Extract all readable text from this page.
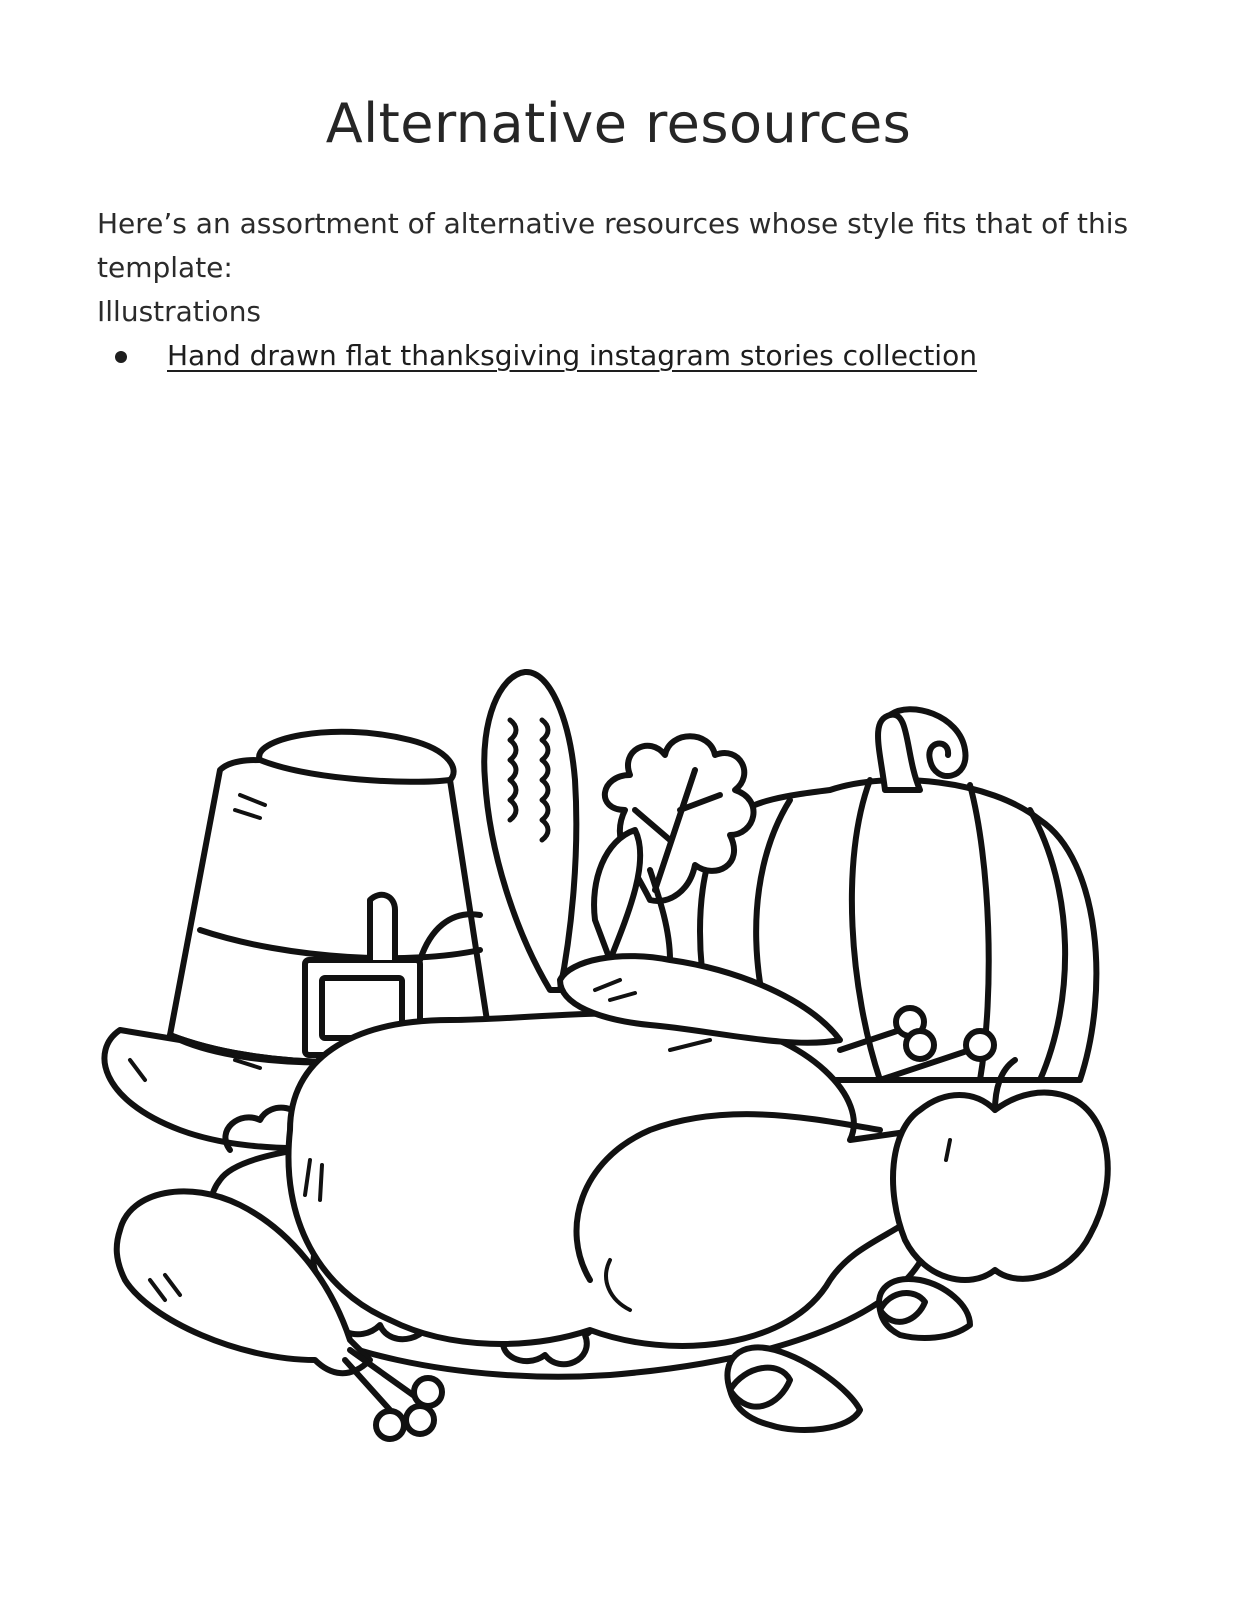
Alternative resources

Here’s an assortment of alternative resources whose style fits that of this template:

Illustrations

Hand drawn flat thanksgiving instagram stories collection
